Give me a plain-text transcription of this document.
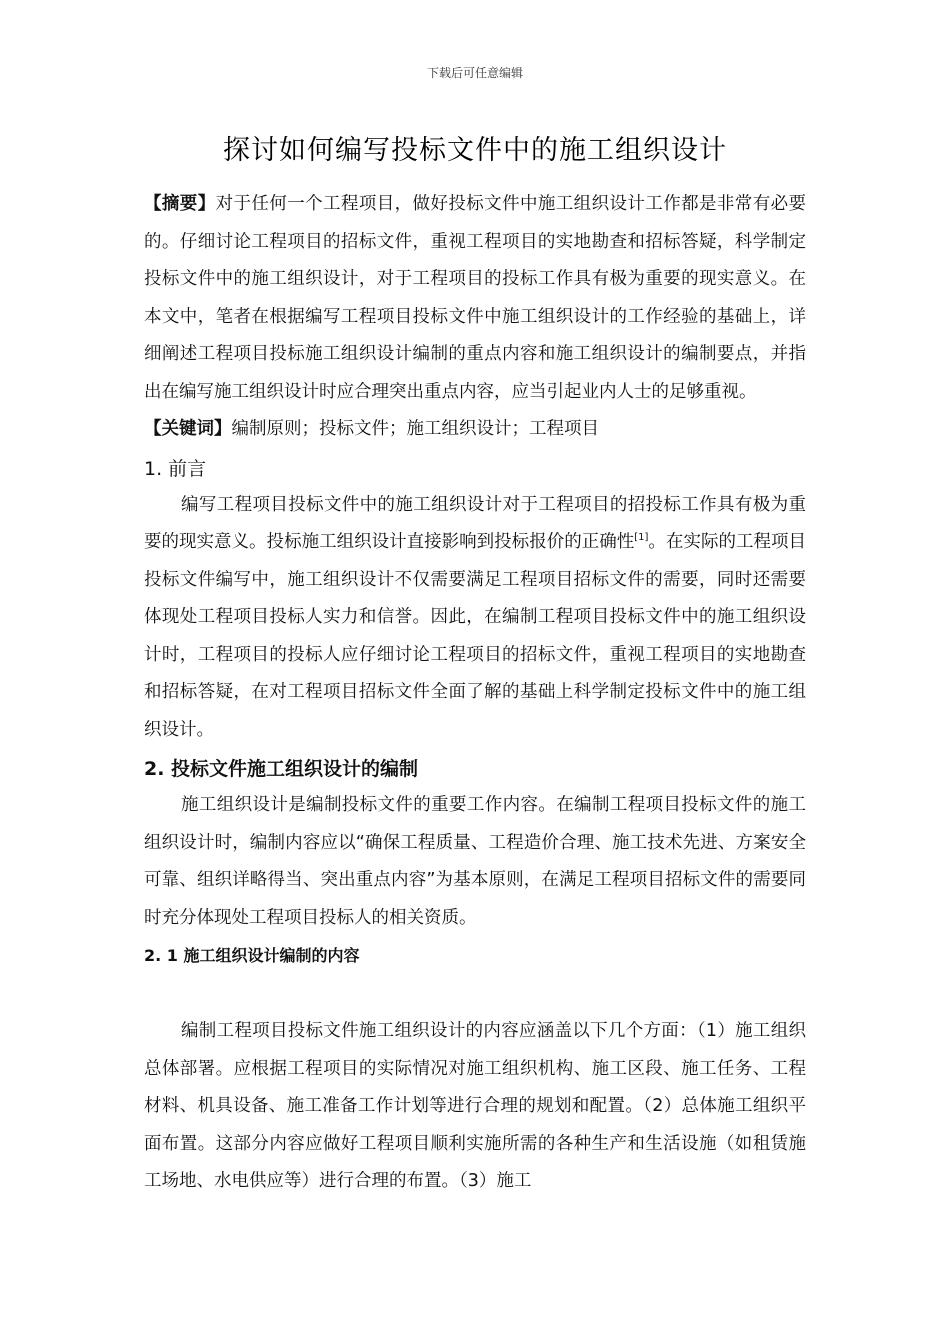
下载后可任意编辑
探讨如何编写投标文件中的施工组织设计

【摘要】对于任何一个工程项目，做好投标文件中施工组织设计工作都是非常有必要的。仔细讨论工程项目的招标文件，重视工程项目的实地勘查和招标答疑，科学制定投标文件中的施工组织设计，对于工程项目的投标工作具有极为重要的现实意义。在本文中，笔者在根据编写工程项目投标文件中施工组织设计的工作经验的基础上，详细阐述工程项目投标施工组织设计编制的重点内容和施工组织设计的编制要点，并指出在编写施工组织设计时应合理突出重点内容，应当引起业内人士的足够重视。

【关键词】编制原则；投标文件；施工组织设计；工程项目

1. 前言

编写工程项目投标文件中的施工组织设计对于工程项目的招投标工作具有极为重要的现实意义。投标施工组织设计直接影响到投标报价的正确性[1]。在实际的工程项目投标文件编写中，施工组织设计不仅需要满足工程项目招标文件的需要，同时还需要体现处工程项目投标人实力和信誉。因此，在编制工程项目投标文件中的施工组织设计时，工程项目的投标人应仔细讨论工程项目的招标文件，重视工程项目的实地勘查和招标答疑，在对工程项目招标文件全面了解的基础上科学制定投标文件中的施工组织设计。

2. 投标文件施工组织设计的编制

施工组织设计是编制投标文件的重要工作内容。在编制工程项目投标文件的施工组织设计时，编制内容应以“确保工程质量、工程造价合理、施工技术先进、方案安全可靠、组织详略得当、突出重点内容”为基本原则，在满足工程项目招标文件的需要同时充分体现处工程项目投标人的相关资质。

2. 1 施工组织设计编制的内容

编制工程项目投标文件施工组织设计的内容应涵盖以下几个方面：（1）施工组织总体部署。应根据工程项目的实际情况对施工组织机构、施工区段、施工任务、工程材料、机具设备、施工准备工作计划等进行合理的规划和配置。（2）总体施工组织平面布置。这部分内容应做好工程项目顺利实施所需的各种生产和生活设施（如租赁施工场地、水电供应等）进行合理的布置。（3）施工
